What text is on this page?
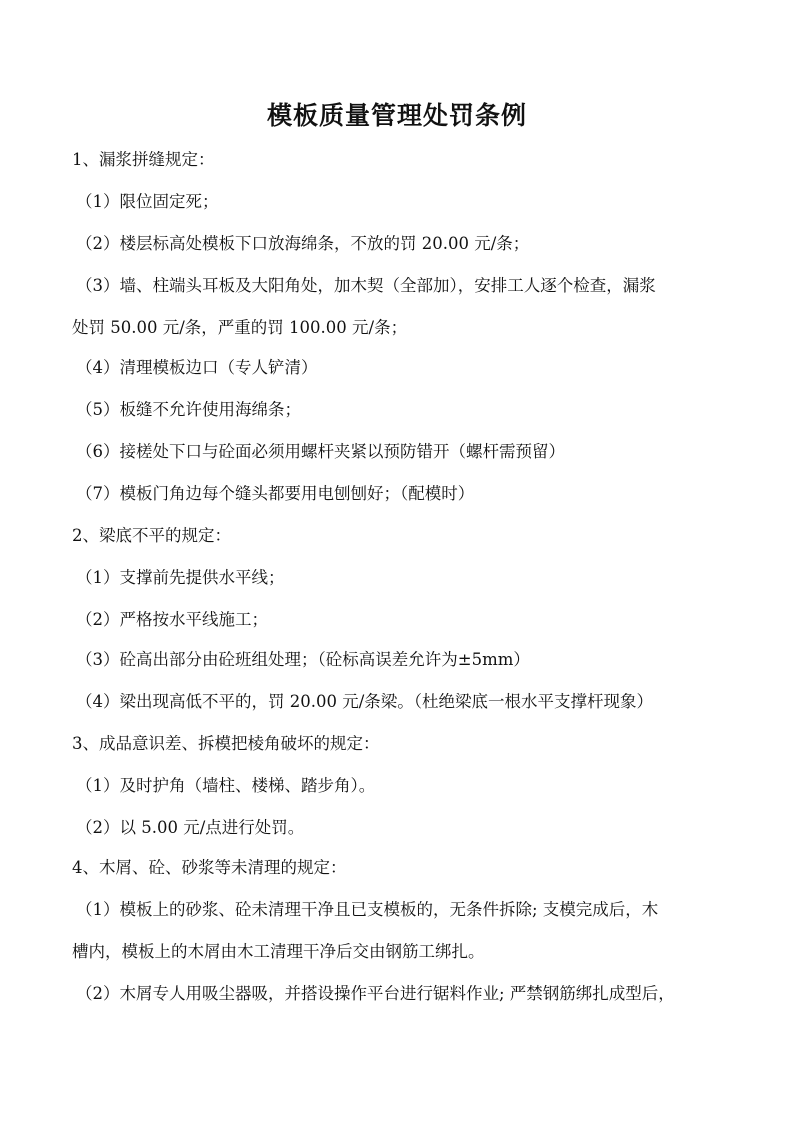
模板质量管理处罚条例
1、漏浆拼缝规定：
（1）限位固定死；
（2）楼层标高处模板下口放海绵条，不放的罚 20.00 元/条；
（3）墙、柱端头耳板及大阳角处，加木契（全部加），安排工人逐个检查，漏浆
处罚 50.00 元/条，严重的罚 100.00 元/条；
（4）清理模板边口（专人铲清）
（5）板缝不允许使用海绵条；
（6）接槎处下口与砼面必须用螺杆夹紧以预防错开（螺杆需预留）
（7）模板门角边每个缝头都要用电刨刨好；（配模时）
2、梁底不平的规定：
（1）支撑前先提供水平线；
（2）严格按水平线施工；
（3）砼高出部分由砼班组处理；（砼标高误差允许为±5mm）
（4）梁出现高低不平的，罚 20.00 元/条梁。（杜绝梁底一根水平支撑杆现象）
3、成品意识差、拆模把棱角破坏的规定：
（1）及时护角（墙柱、楼梯、踏步角）。
（2）以 5.00 元/点进行处罚。
4、木屑、砼、砂浆等未清理的规定：
（1）模板上的砂浆、砼未清理干净且已支模板的，无条件拆除; 支模完成后，木
槽内，模板上的木屑由木工清理干净后交由钢筋工绑扎。
（2）木屑专人用吸尘器吸，并搭设操作平台进行锯料作业; 严禁钢筋绑扎成型后，
